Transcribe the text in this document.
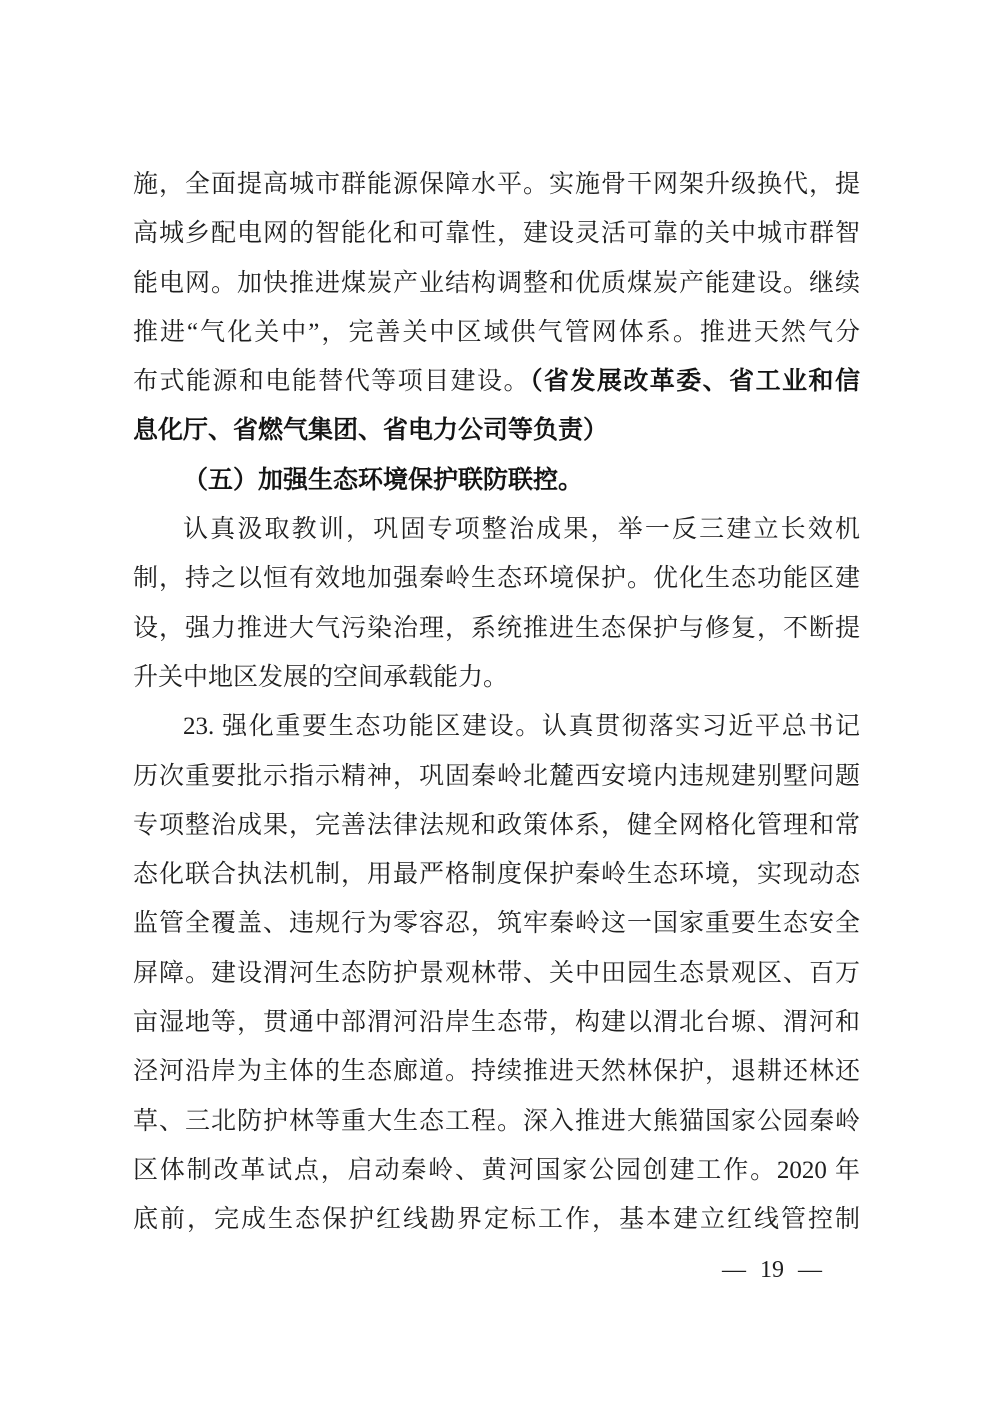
施，全面提高城市群能源保障水平。实施骨干网架升级换代，提
高城乡配电网的智能化和可靠性，建设灵活可靠的关中城市群智
能电网。加快推进煤炭产业结构调整和优质煤炭产能建设。继续
推进“气化关中”，完善关中区域供气管网体系。推进天然气分
布式能源和电能替代等项目建设。（省发展改革委、省工业和信
息化厅、省燃气集团、省电力公司等负责）
（五）加强生态环境保护联防联控。
认真汲取教训，巩固专项整治成果，举一反三建立长效机
制，持之以恒有效地加强秦岭生态环境保护。优化生态功能区建
设，强力推进大气污染治理，系统推进生态保护与修复，不断提
升关中地区发展的空间承载能力。
23. 强化重要生态功能区建设。认真贯彻落实习近平总书记
历次重要批示指示精神，巩固秦岭北麓西安境内违规建别墅问题
专项整治成果，完善法律法规和政策体系，健全网格化管理和常
态化联合执法机制，用最严格制度保护秦岭生态环境，实现动态
监管全覆盖、违规行为零容忍，筑牢秦岭这一国家重要生态安全
屏障。建设渭河生态防护景观林带、关中田园生态景观区、百万
亩湿地等，贯通中部渭河沿岸生态带，构建以渭北台塬、渭河和
泾河沿岸为主体的生态廊道。持续推进天然林保护，退耕还林还
草、三北防护林等重大生态工程。深入推进大熊猫国家公园秦岭
区体制改革试点，启动秦岭、黄河国家公园创建工作。2020 年
底前，完成生态保护红线勘界定标工作，基本建立红线管控制
— 19 —
